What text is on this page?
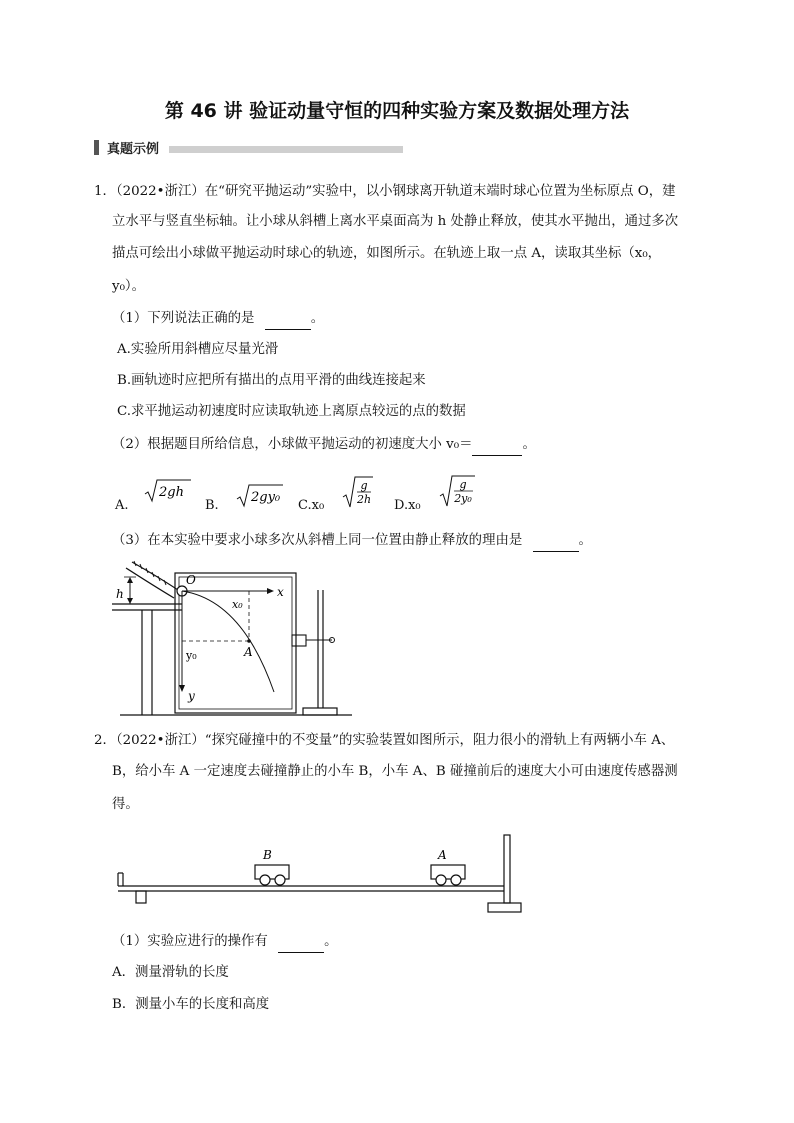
第 46 讲 验证动量守恒的四种实验方案及数据处理方法
真题示例
1．（2022•浙江）在“研究平抛运动”实验中，以小钢球离开轨道末端时球心位置为坐标原点 O，建
立水平与竖直坐标轴。让小球从斜槽上离水平桌面高为 h 处静止释放，使其水平抛出，通过多次
描点可绘出小球做平抛运动时球心的轨迹，如图所示。在轨迹上取一点 A，读取其坐标（x₀，
y₀）。
（1）下列说法正确的是	。
A.实验所用斜槽应尽量光滑
B.画轨迹时应把所有描出的点用平滑的曲线连接起来
C.求平抛运动初速度时应读取轨迹上离原点较远的点的数据
（2）根据题目所给信息，小球做平抛运动的初速度大小 v₀＝	。
A.
2gh
B.
2gy₀
C.x₀
g
2h D.x₀
g
2y₀
（3）在本实验中要求小球多次从斜槽上同一位置由静止释放的理由是	。
h
O
x
y
A
x₀
y₀
2．（2022•浙江）“探究碰撞中的不变量”的实验装置如图所示，阻力很小的滑轨上有两辆小车 A、
B，给小车 A 一定速度去碰撞静止的小车 B，小车 A、B 碰撞前后的速度大小可由速度传感器测
得。
B	A
（1）实验应进行的操作有	。
A．测量滑轨的长度
B．测量小车的长度和高度
